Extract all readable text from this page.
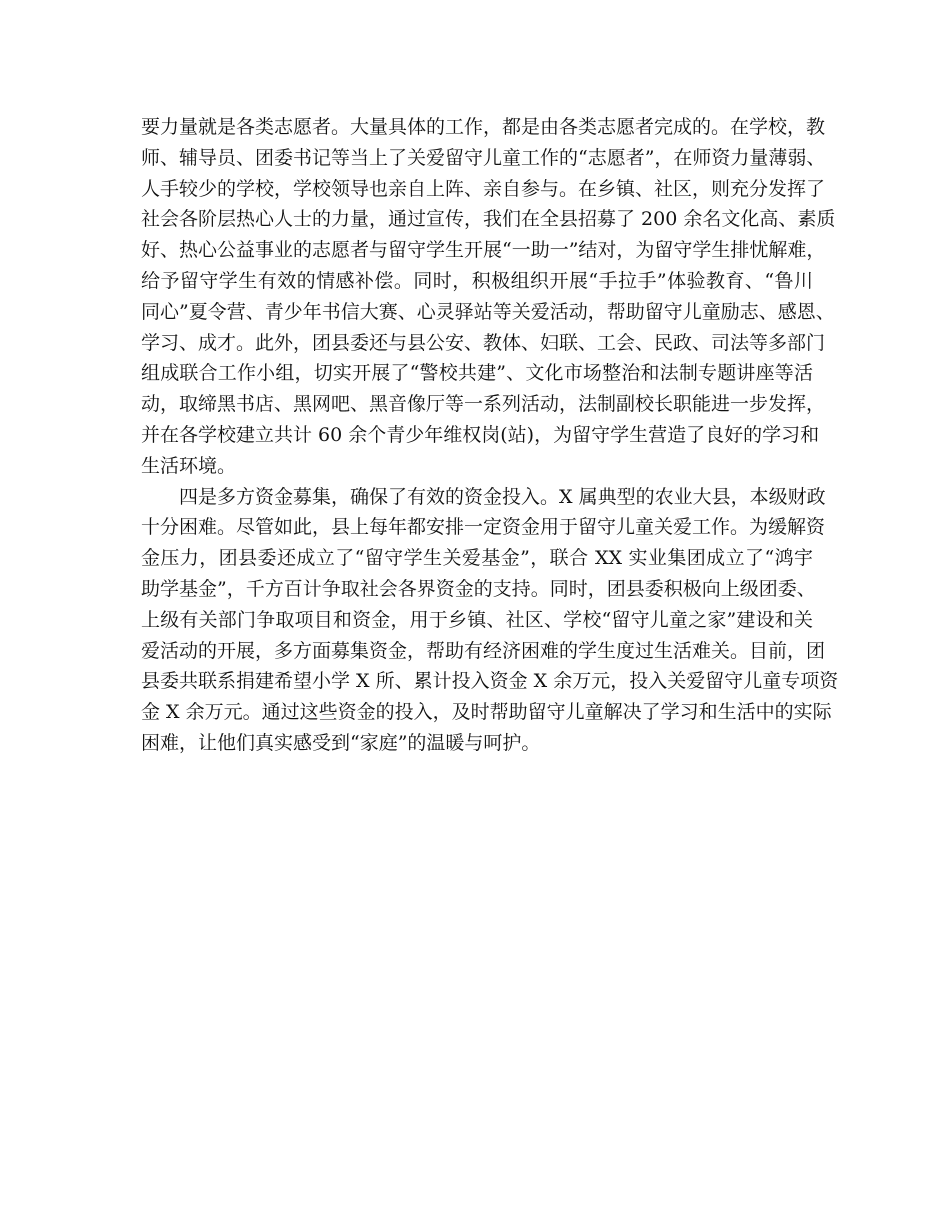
要力量就是各类志愿者。大量具体的工作，都是由各类志愿者完成的。在学校，教
师、辅导员、团委书记等当上了关爱留守儿童工作的“志愿者”，在师资力量薄弱、
人手较少的学校，学校领导也亲自上阵、亲自参与。在乡镇、社区，则充分发挥了
社会各阶层热心人士的力量，通过宣传，我们在全县招募了 200 余名文化高、素质
好、热心公益事业的志愿者与留守学生开展“一助一”结对，为留守学生排忧解难，
给予留守学生有效的情感补偿。同时，积极组织开展“手拉手”体验教育、“鲁川
同心”夏令营、青少年书信大赛、心灵驿站等关爱活动，帮助留守儿童励志、感恩、
学习、成才。此外，团县委还与县公安、教体、妇联、工会、民政、司法等多部门
组成联合工作小组，切实开展了“警校共建”、文化市场整治和法制专题讲座等活
动，取缔黑书店、黑网吧、黑音像厅等一系列活动，法制副校长职能进一步发挥，
并在各学校建立共计 60 余个青少年维权岗(站)，为留守学生营造了良好的学习和
生活环境。
四是多方资金募集，确保了有效的资金投入。X 属典型的农业大县，本级财政
十分困难。尽管如此，县上每年都安排一定资金用于留守儿童关爱工作。为缓解资
金压力，团县委还成立了“留守学生关爱基金”，联合 XX 实业集团成立了“鸿宇
助学基金”，千方百计争取社会各界资金的支持。同时，团县委积极向上级团委、
上级有关部门争取项目和资金，用于乡镇、社区、学校“留守儿童之家”建设和关
爱活动的开展，多方面募集资金，帮助有经济困难的学生度过生活难关。目前，团
县委共联系捐建希望小学 X 所、累计投入资金 X 余万元，投入关爱留守儿童专项资
金 X 余万元。通过这些资金的投入，及时帮助留守儿童解决了学习和生活中的实际
困难，让他们真实感受到“家庭”的温暖与呵护。
